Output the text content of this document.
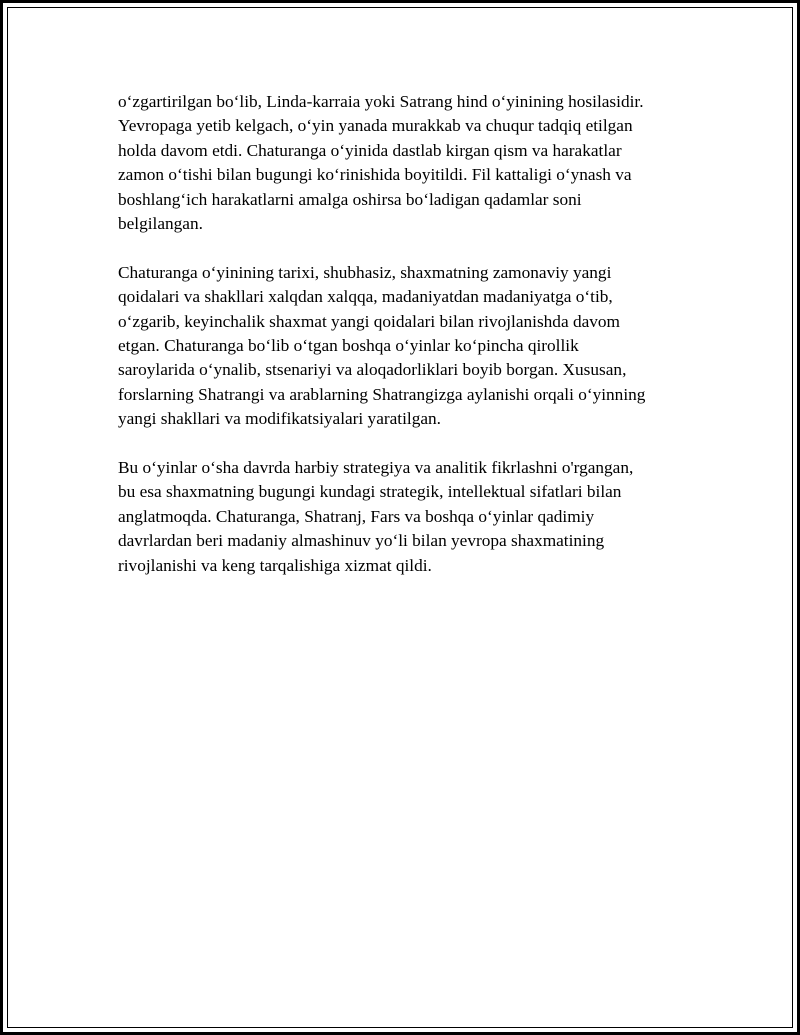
o‘zgartirilgan bo‘lib, Linda-karraia yoki Satrang hind o‘yinining hosilasidir.
Yevropaga yetib kelgach, o‘yin yanada murakkab va chuqur tadqiq etilgan
holda davom etdi. Chaturanga o‘yinida dastlab kirgan qism va harakatlar
zamon o‘tishi bilan bugungi ko‘rinishida boyitildi. Fil kattaligi o‘ynash va
boshlang‘ich harakatlarni amalga oshirsa bo‘ladigan qadamlar soni
belgilangan.

Chaturanga o‘yinining tarixi, shubhasiz, shaxmatning zamonaviy yangi
qoidalari va shakllari xalqdan xalqqa, madaniyatdan madaniyatga o‘tib,
o‘zgarib, keyinchalik shaxmat yangi qoidalari bilan rivojlanishda davom
etgan. Chaturanga bo‘lib o‘tgan boshqa o‘yinlar ko‘pincha qirollik
saroylarida o‘ynalib, stsenariyi va aloqadorliklari boyib borgan. Xususan,
forslarning Shatrangi va arablarning Shatrangizga aylanishi orqali o‘yinning
yangi shakllari va modifikatsiyalari yaratilgan.

Bu o‘yinlar o‘sha davrda harbiy strategiya va analitik fikrlashni o'rgangan,
bu esa shaxmatning bugungi kundagi strategik, intellektual sifatlari bilan
anglatmoqda. Chaturanga, Shatranj, Fars va boshqa o‘yinlar qadimiy
davrlardan beri madaniy almashinuv yo‘li bilan yevropa shaxmatining
rivojlanishi va keng tarqalishiga xizmat qildi.
